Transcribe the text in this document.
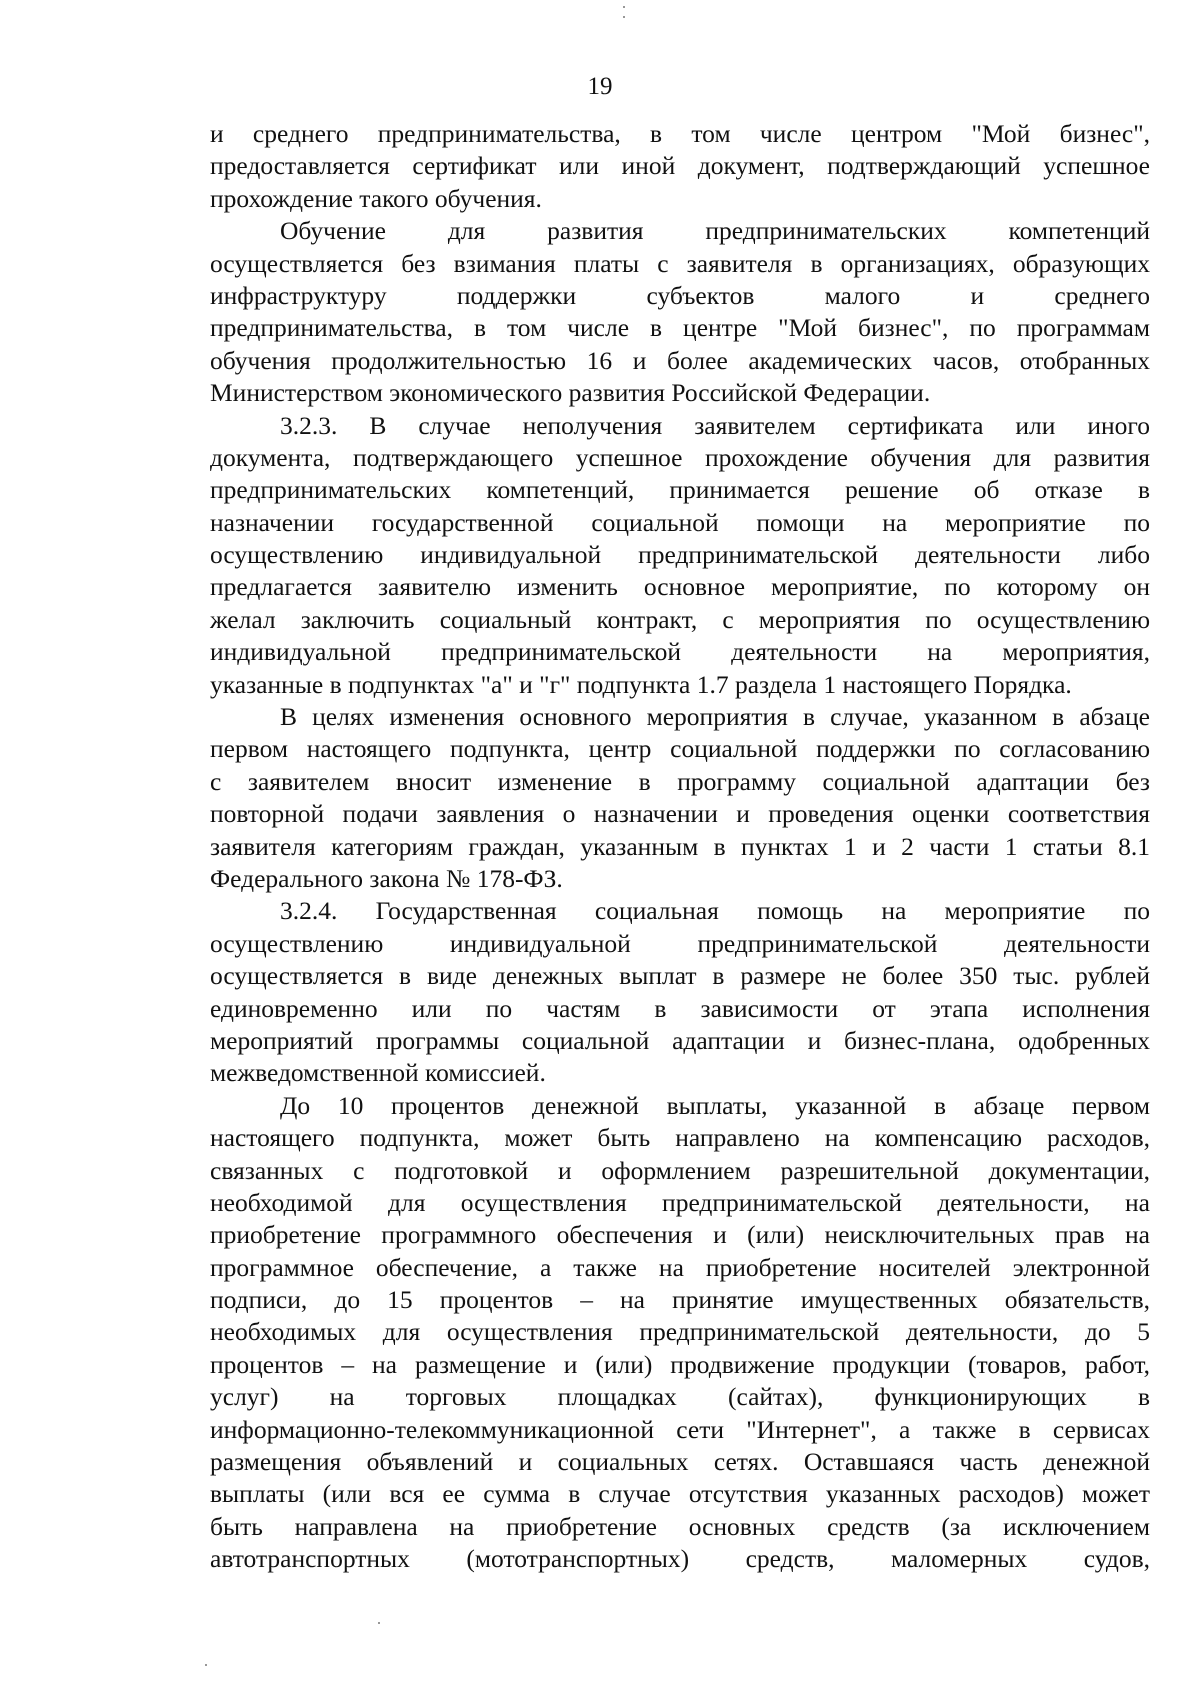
19
и среднего предпринимательства, в том числе центром "Мой бизнес",
предоставляется сертификат или иной документ, подтверждающий успешное
прохождение такого обучения.
Обучение для развития предпринимательских компетенций
осуществляется без взимания платы с заявителя в организациях, образующих
инфраструктуру поддержки субъектов малого и среднего
предпринимательства, в том числе в центре "Мой бизнес", по программам
обучения продолжительностью 16 и более академических часов, отобранных
Министерством экономического развития Российской Федерации.
3.2.3. В случае неполучения заявителем сертификата или иного
документа, подтверждающего успешное прохождение обучения для развития
предпринимательских компетенций, принимается решение об отказе в
назначении государственной социальной помощи на мероприятие по
осуществлению индивидуальной предпринимательской деятельности либо
предлагается заявителю изменить основное мероприятие, по которому он
желал заключить социальный контракт, с мероприятия по осуществлению
индивидуальной предпринимательской деятельности на мероприятия,
указанные в подпунктах "а" и "г" подпункта 1.7 раздела 1 настоящего Порядка.
В целях изменения основного мероприятия в случае, указанном в абзаце
первом настоящего подпункта, центр социальной поддержки по согласованию
с заявителем вносит изменение в программу социальной адаптации без
повторной подачи заявления о назначении и проведения оценки соответствия
заявителя категориям граждан, указанным в пунктах 1 и 2 части 1 статьи 8.1
Федерального закона № 178-ФЗ.
3.2.4. Государственная социальная помощь на мероприятие по
осуществлению индивидуальной предпринимательской деятельности
осуществляется в виде денежных выплат в размере не более 350 тыс. рублей
единовременно или по частям в зависимости от этапа исполнения
мероприятий программы социальной адаптации и бизнес-плана, одобренных
межведомственной комиссией.
До 10 процентов денежной выплаты, указанной в абзаце первом
настоящего подпункта, может быть направлено на компенсацию расходов,
связанных с подготовкой и оформлением разрешительной документации,
необходимой для осуществления предпринимательской деятельности, на
приобретение программного обеспечения и (или) неисключительных прав на
программное обеспечение, а также на приобретение носителей электронной
подписи, до 15 процентов – на принятие имущественных обязательств,
необходимых для осуществления предпринимательской деятельности, до 5
процентов – на размещение и (или) продвижение продукции (товаров, работ,
услуг) на торговых площадках (сайтах), функционирующих в
информационно-телекоммуникационной сети "Интернет", а также в сервисах
размещения объявлений и социальных сетях. Оставшаяся часть денежной
выплаты (или вся ее сумма в случае отсутствия указанных расходов) может
быть направлена на приобретение основных средств (за исключением
автотранспортных (мототранспортных) средств, маломерных судов,
